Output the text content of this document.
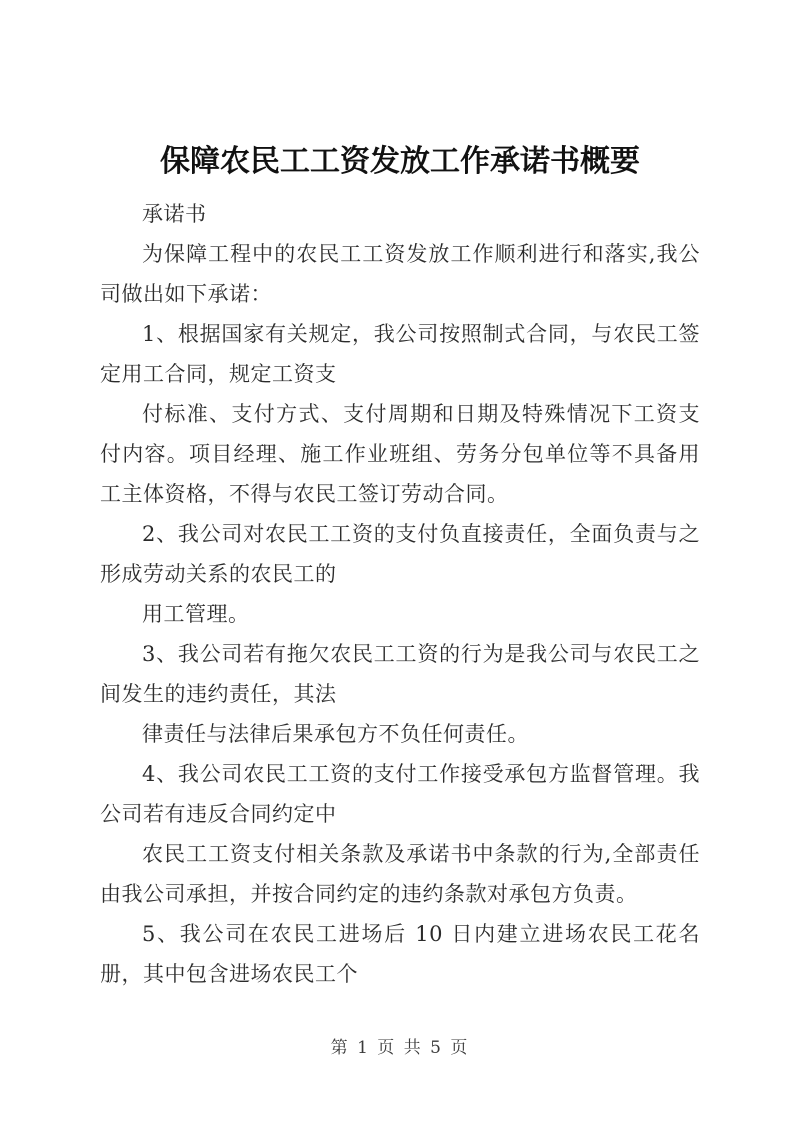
保障农民工工资发放工作承诺书概要

承诺书

为保障工程中的农民工工资发放工作顺利进行和落实,我公司做出如下承诺：

1、根据国家有关规定，我公司按照制式合同，与农民工签定用工合同，规定工资支

付标准、支付方式、支付周期和日期及特殊情况下工资支付内容。项目经理、施工作业班组、劳务分包单位等不具备用工主体资格，不得与农民工签订劳动合同。

2、我公司对农民工工资的支付负直接责任，全面负责与之形成劳动关系的农民工的

用工管理。

3、我公司若有拖欠农民工工资的行为是我公司与农民工之间发生的违约责任，其法

律责任与法律后果承包方不负任何责任。

4、我公司农民工工资的支付工作接受承包方监督管理。我公司若有违反合同约定中

农民工工资支付相关条款及承诺书中条款的行为,全部责任由我公司承担，并按合同约定的违约条款对承包方负责。

5、我公司在农民工进场后 10 日内建立进场农民工花名册，其中包含进场农民工个

第 1 页 共 5 页
